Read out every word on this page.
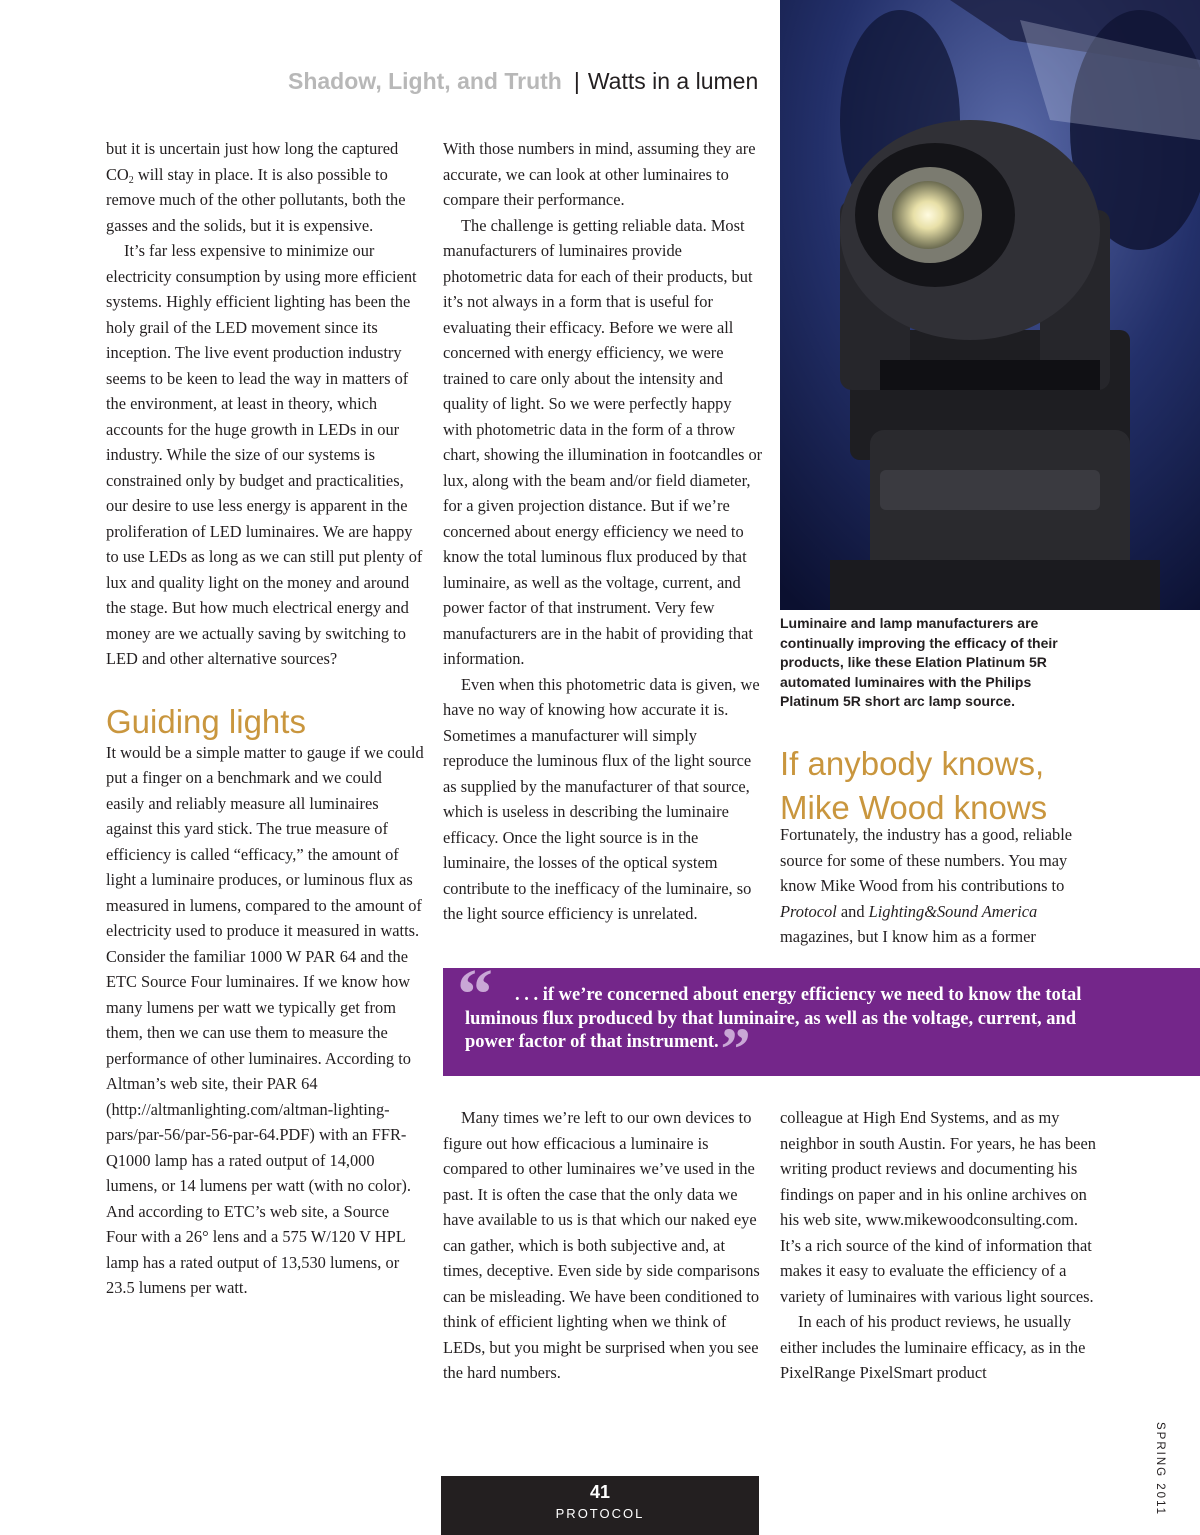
Shadow, Light, and Truth | Watts in a lumen

but it is uncertain just how long the captured $CO_2$ will stay in place. It is also possible to remove much of the other pollutants, both the gasses and the solids, but it is expensive.

It’s far less expensive to minimize our electricity consumption by using more efficient systems. Highly efficient lighting has been the holy grail of the LED movement since its inception. The live event production industry seems to be keen to lead the way in matters of the environment, at least in theory, which accounts for the huge growth in LEDs in our industry. While the size of our systems is constrained only by budget and practicalities, our desire to use less energy is apparent in the proliferation of LED luminaires. We are happy to use LEDs as long as we can still put plenty of lux and quality light on the money and around the stage. But how much electrical energy and money are we actually saving by switching to LED and other alternative sources?

Guiding lights

It would be a simple matter to gauge if we could put a finger on a benchmark and we could easily and reliably measure all luminaires against this yard stick. The true measure of efficiency is called “efficacy,” the amount of light a luminaire produces, or luminous flux as measured in lumens, compared to the amount of electricity used to produce it measured in watts. Consider the familiar 1000 W PAR 64 and the ETC Source Four luminaires. If we know how many lumens per watt we typically get from them, then we can use them to measure the performance of other luminaires. According to Altman’s web site, their PAR 64 (http://altmanlighting.com/altman-lighting-pars/par-56/par-56-par-64.PDF) with an FFR-Q1000 lamp has a rated output of 14,000 lumens, or 14 lumens per watt (with no color). And according to ETC’s web site, a Source Four with a 26° lens and a 575 W/120 V HPL lamp has a rated output of 13,530 lumens, or 23.5 lumens per watt.

With those numbers in mind, assuming they are accurate, we can look at other luminaires to compare their performance.

The challenge is getting reliable data. Most manufacturers of luminaires provide photometric data for each of their products, but it’s not always in a form that is useful for evaluating their efficacy. Before we were all concerned with energy efficiency, we were trained to care only about the intensity and quality of light. So we were perfectly happy with photometric data in the form of a throw chart, showing the illumination in footcandles or lux, along with the beam and/or field diameter, for a given projection distance. But if we’re concerned about energy efficiency we need to know the total luminous flux produced by that luminaire, as well as the voltage, current, and power factor of that instrument. Very few manufacturers are in the habit of providing that information.

Even when this photometric data is given, we have no way of knowing how accurate it is. Sometimes a manufacturer will simply reproduce the luminous flux of the light source as supplied by the manufacturer of that source, which is useless in describing the luminaire efficacy. Once the light source is in the luminaire, the losses of the optical system contribute to the inefficacy of the luminaire, so the light source efficiency is unrelated.

Luminaire and lamp manufacturers are continually improving the efficacy of their products, like these Elation Platinum 5R automated luminaires with the Philips Platinum 5R short arc lamp source.
If anybody knows, Mike Wood knows

Fortunately, the industry has a good, reliable source for some of these numbers. You may know Mike Wood from his contributions to Protocol and Lighting&Sound America magazines, but I know him as a former

“	. . . if we’re concerned about energy efficiency we need to know the total luminous flux produced by that luminaire, as well as the voltage, current, and power factor of that instrument.”

Many times we’re left to our own devices to figure out how efficacious a luminaire is compared to other luminaires we’ve used in the past. It is often the case that the only data we have available to us is that which our naked eye can gather, which is both subjective and, at times, deceptive. Even side by side comparisons can be misleading. We have been conditioned to think of efficient lighting when we think of LEDs, but you might be surprised when you see the hard numbers.

colleague at High End Systems, and as my neighbor in south Austin. For years, he has been writing product reviews and documenting his findings on paper and in his online archives on his web site, www.mikewoodconsulting.com. It’s a rich source of the kind of information that makes it easy to evaluate the efficiency of a variety of luminaires with various light sources.

In each of his product reviews, he usually either includes the luminaire efficacy, as in the PixelRange PixelSmart product

41
PROTOCOL	SPRING 2011
